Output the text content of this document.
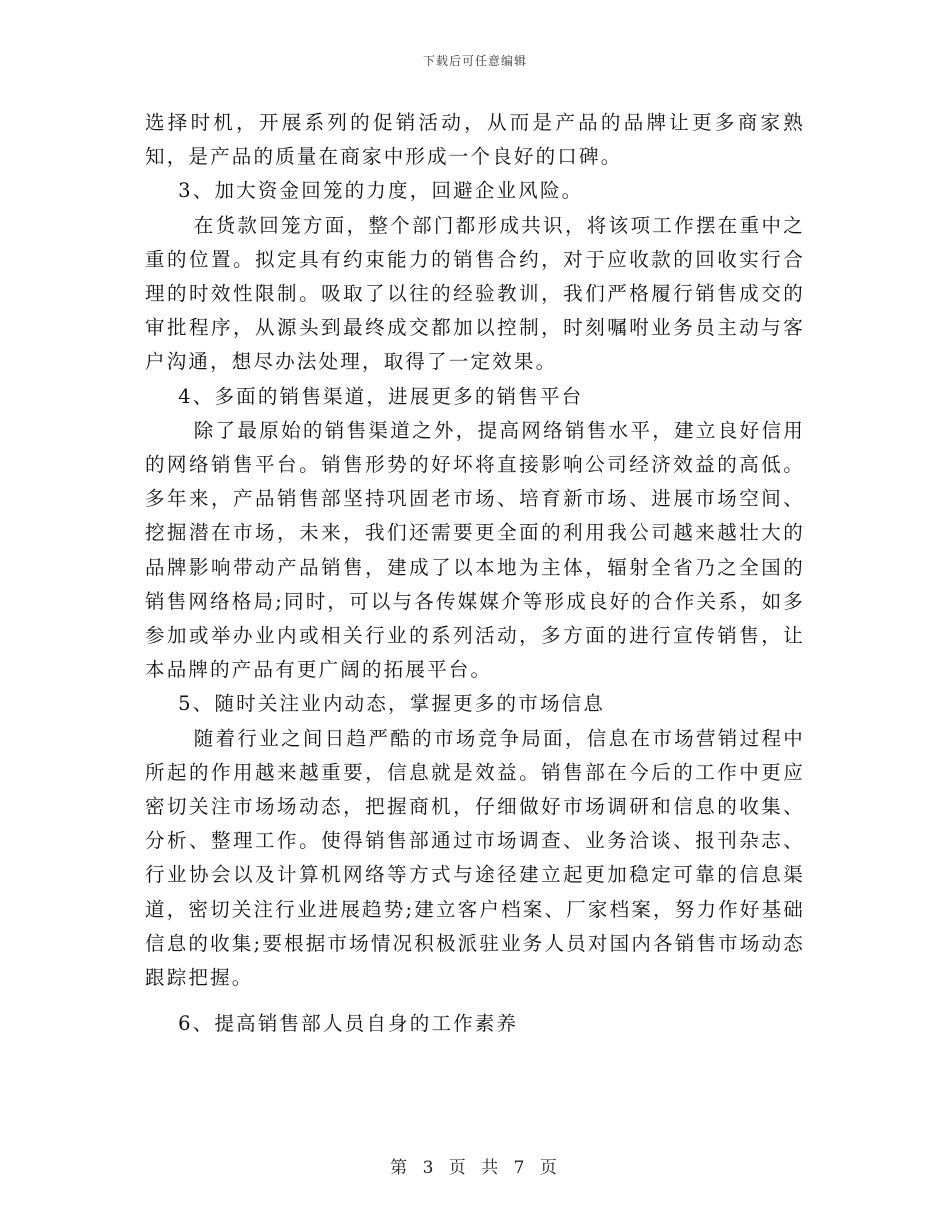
下载后可任意编辑

选择时机，开展系列的促销活动，从而是产品的品牌让更多商家熟知，是产品的质量在商家中形成一个良好的口碑。

3、加大资金回笼的力度，回避企业风险。

在货款回笼方面，整个部门都形成共识，将该项工作摆在重中之重的位置。拟定具有约束能力的销售合约，对于应收款的回收实行合理的时效性限制。吸取了以往的经验教训，我们严格履行销售成交的审批程序，从源头到最终成交都加以控制，时刻嘱咐业务员主动与客户沟通，想尽办法处理，取得了一定效果。

4、多面的销售渠道，进展更多的销售平台

除了最原始的销售渠道之外，提高网络销售水平，建立良好信用的网络销售平台。销售形势的好坏将直接影响公司经济效益的高低。多年来，产品销售部坚持巩固老市场、培育新市场、进展市场空间、挖掘潜在市场，未来，我们还需要更全面的利用我公司越来越壮大的品牌影响带动产品销售，建成了以本地为主体，辐射全省乃之全国的销售网络格局;同时，可以与各传媒媒介等形成良好的合作关系，如多参加或举办业内或相关行业的系列活动，多方面的进行宣传销售，让本品牌的产品有更广阔的拓展平台。

5、随时关注业内动态，掌握更多的市场信息

随着行业之间日趋严酷的市场竞争局面，信息在市场营销过程中所起的作用越来越重要，信息就是效益。销售部在今后的工作中更应密切关注市场场动态，把握商机，仔细做好市场调研和信息的收集、分析、整理工作。使得销售部通过市场调查、业务洽谈、报刊杂志、行业协会以及计算机网络等方式与途径建立起更加稳定可靠的信息渠道，密切关注行业进展趋势;建立客户档案、厂家档案，努力作好基础信息的收集;要根据市场情况积极派驻业务人员对国内各销售市场动态跟踪把握。

6、提高销售部人员自身的工作素养

第 3 页 共 7 页
